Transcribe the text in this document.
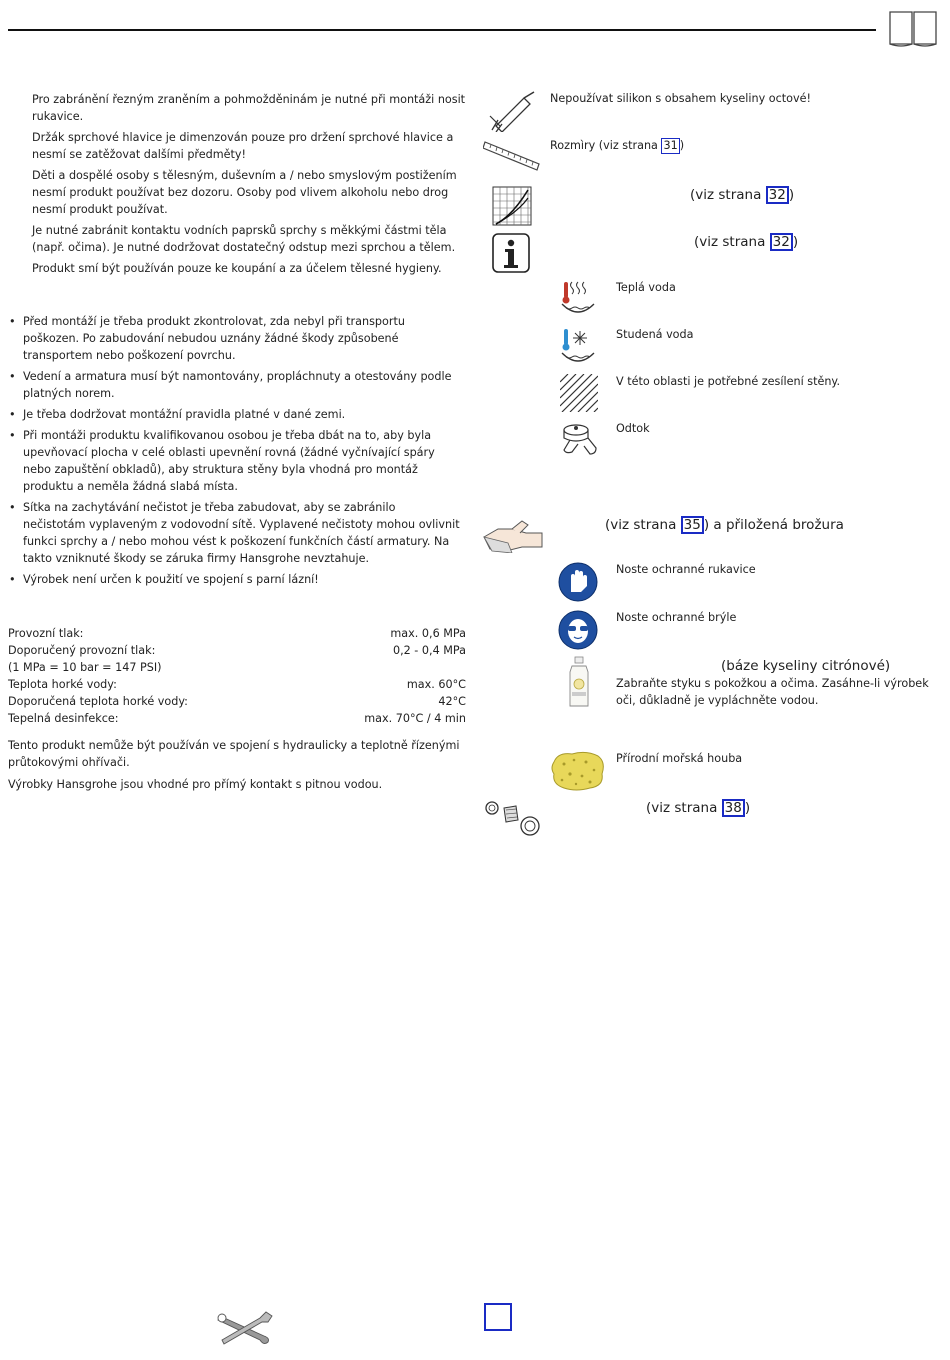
Pro zabránění řezným zraněním a pohmožděninám je nutné při montáži nosit rukavice.

Držák sprchové hlavice je dimenzován pouze pro držení sprchové hlavice a nesmí se zatěžovat dalšími předměty!

Děti a dospělé osoby s tělesným, duševním a / nebo smyslovým postižením nesmí produkt používat bez dozoru. Osoby pod vlivem alkoholu nebo drog nesmí produkt používat.

Je nutné zabránit kontaktu vodních paprsků sprchy s měkkými částmi těla (např. očima). Je nutné dodržovat dostatečný odstup mezi sprchou a tělem.

Produkt smí být používán pouze ke koupání a za účelem tělesné hygieny.

• Před montáží je třeba produkt zkontrolovat, zda nebyl při transportu poškozen. Po zabudování nebudou uznány žádné škody způsobené transportem nebo poškození povrchu.
• Vedení a armatura musí být namontovány, propláchnuty a otestovány podle platných norem.
• Je třeba dodržovat montážní pravidla platné v dané zemi.
• Při montáži produktu kvalifikovanou osobou je třeba dbát na to, aby byla upevňovací plocha v celé oblasti upevnění rovná (žádné vyčnívající spáry nebo zapuštění obkladů), aby struktura stěny byla vhodná pro montáž produktu a neměla žádná slabá místa.
• Sítka na zachytávání nečistot je třeba zabudovat, aby se zabránilo nečistotám vyplaveným z vodovodní sítě. Vyplavené nečistoty mohou ovlivnit funkci sprchy a / nebo mohou vést k poškození funkčních částí armatury. Na takto vzniknuté škody se záruka firmy Hansgrohe nevztahuje.
• Výrobek není určen k použití ve spojení s parní lázní!
Provozní tlak:	max. 0,6 MPa
Doporučený provozní tlak:	0,2 - 0,4 MPa
(1 MPa = 10 bar = 147 PSI)
Teplota horké vody:	max. 60°C
Doporučená teplota horké vody:	42°C
Tepelná desinfekce:	max. 70°C / 4 min

Tento produkt nemůže být používán ve spojení s hydraulicky a teplotně řízenými průtokovými ohřívači.

Výrobky Hansgrohe jsou vhodné pro přímý kontakt s pitnou vodou.

Nepoužívat silikon s obsahem kyseliny octové!
Rozmìry (viz strana 31 )
(viz strana 32 )
(viz strana 32 )
Teplá voda
Studená voda
V této oblasti je potřebné zesílení stěny.
Odtok
(viz strana 35 ) a přiložená brožura
Noste ochranné rukavice
Noste ochranné brýle
(báze kyseliny citrónové)
Zabraňte styku s pokožkou a očima. Zasáhne-li výrobek oči, důkladně je vypláchněte vodou.
Přírodní mořská houba
(viz strana 38 )
